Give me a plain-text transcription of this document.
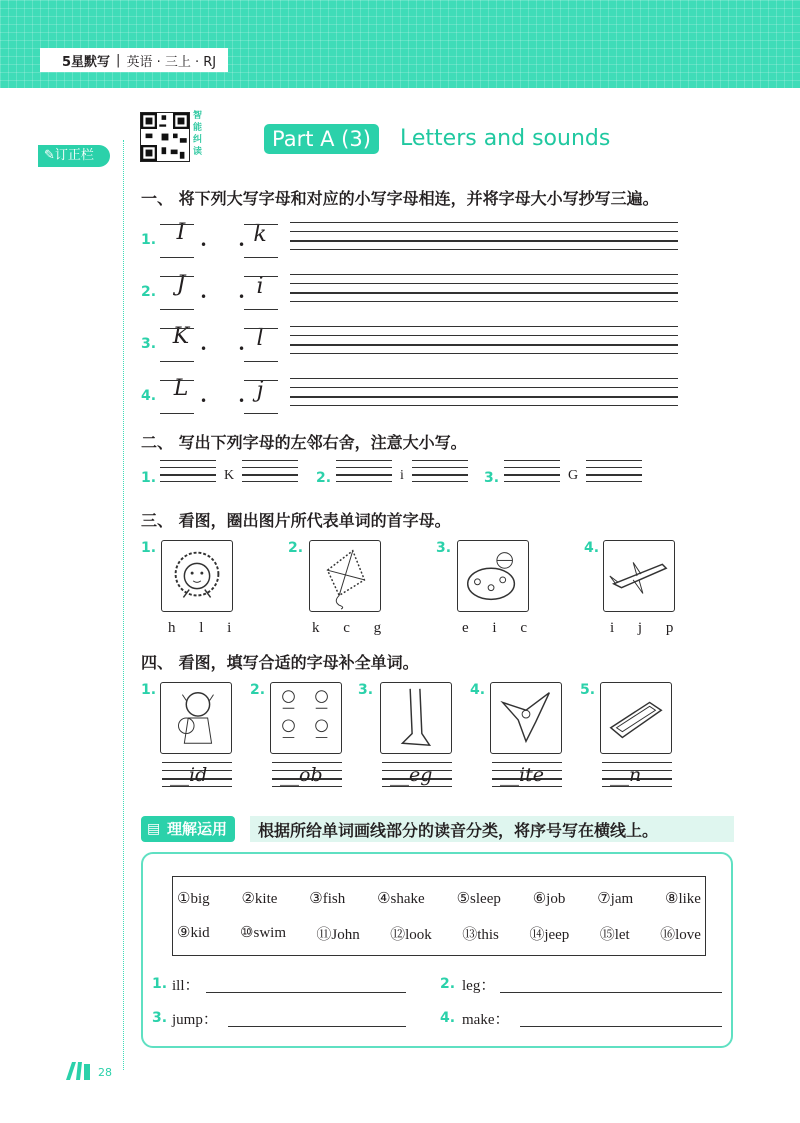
5星默写 | 英语 · 三上 · RJ
智
能
纠
读
Part A (3)	Letters and sounds
✎订正栏
一、 将下列大写字母和对应的小写字母相连，并将字母大小写抄写三遍。
1. I	•	• k
2. J	•	• i
3. K •	• l
4. L •	• j
二、 写出下列字母的左邻右舍，注意大小写。
1.	K	2.	i	3.	G
三、 看图，圈出图片所代表单词的首字母。
1.
h l i
2.
k c g
3.
e i c
4.
i j p
四、 看图，填写合适的字母补全单词。
1.
__id
2.
__ob
3.
__eg
4.
__ite
5.
__n
▤ 理解运用	根据所给单词画线部分的读音分类，将序号写在横线上。
①big ②kite ③fish ④shake ⑤sleep ⑥job ⑦jam ⑧like
⑨kid ⑩swim ⑪John ⑫look ⑬this ⑭jeep ⑮let ⑯love
1. ill：	2. leg：
3. jump：	4. make：
28
